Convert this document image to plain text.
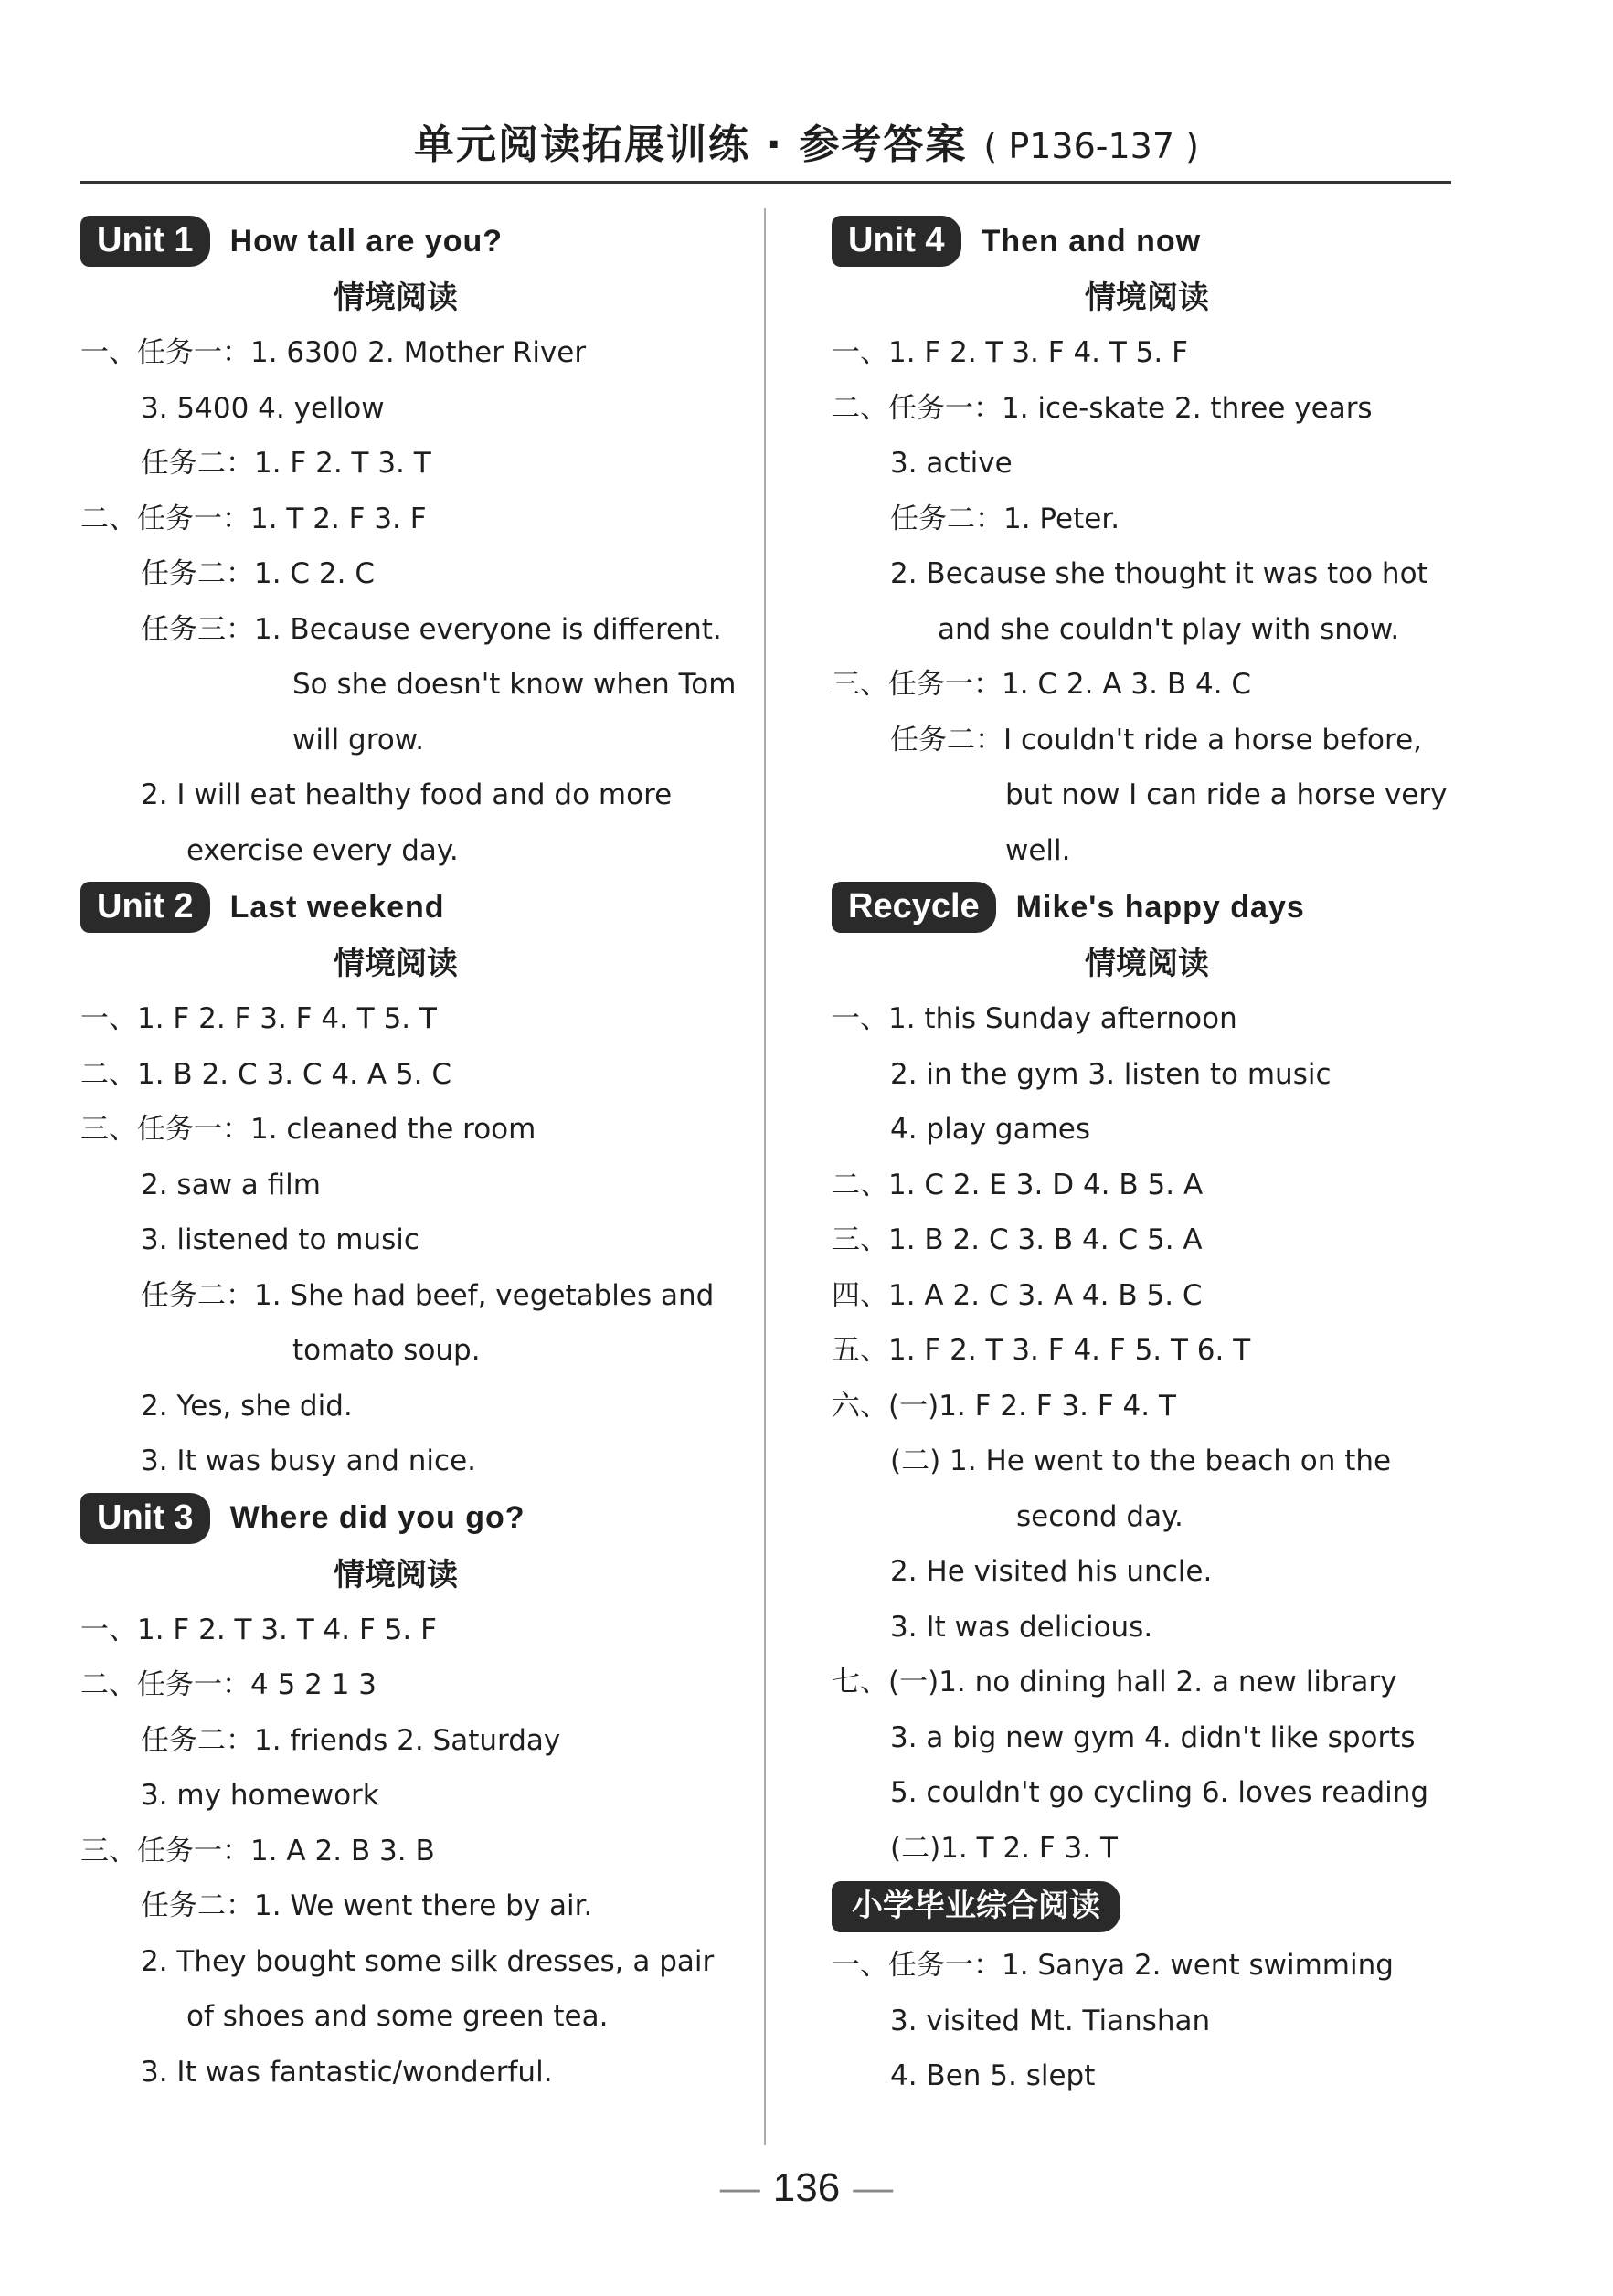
单元阅读拓展训练 · 参考答案 ( P136-137 )
Unit 1	How tall are you?
情境阅读
一、任务一：1. 6300 2. Mother River
3. 5400 4. yellow
任务二：1. F 2. T 3. T
二、任务一：1. T 2. F 3. F
任务二：1. C 2. C
任务三：1. Because everyone is different.
So she doesn't know when Tom
will grow.
2. I will eat healthy food and do more
exercise every day.
Unit 2	Last weekend
情境阅读
一、1. F 2. F 3. F 4. T 5. T
二、1. B 2. C 3. C 4. A 5. C
三、任务一：1. cleaned the room
2. saw a film
3. listened to music
任务二：1. She had beef, vegetables and
tomato soup.
2. Yes, she did.
3. It was busy and nice.
Unit 3	Where did you go?
情境阅读
一、1. F 2. T 3. T 4. F 5. F
二、任务一：4 5 2 1 3
任务二：1. friends 2. Saturday
3. my homework
三、任务一：1. A 2. B 3. B
任务二：1. We went there by air.
2. They bought some silk dresses, a pair
of shoes and some green tea.
3. It was fantastic/wonderful.
Unit 4	Then and now
情境阅读
一、1. F 2. T 3. F 4. T 5. F
二、任务一：1. ice-skate 2. three years
3. active
任务二：1. Peter.
2. Because she thought it was too hot
and she couldn't play with snow.
三、任务一：1. C 2. A 3. B 4. C
任务二：I couldn't ride a horse before,
but now I can ride a horse very
well.
Recycle	Mike's happy days
情境阅读
一、1. this Sunday afternoon
2. in the gym 3. listen to music
4. play games
二、1. C 2. E 3. D 4. B 5. A
三、1. B 2. C 3. B 4. C 5. A
四、1. A 2. C 3. A 4. B 5. C
五、1. F 2. T 3. F 4. F 5. T 6. T
六、(一)1. F 2. F 3. F 4. T
(二) 1. He went to the beach on the
second day.
2. He visited his uncle.
3. It was delicious.
七、(一)1. no dining hall 2. a new library
3. a big new gym 4. didn't like sports
5. couldn't go cycling 6. loves reading
(二)1. T 2. F 3. T
小学毕业综合阅读
一、任务一：1. Sanya 2. went swimming
3. visited Mt. Tianshan
4. Ben 5. slept
— 136 —
